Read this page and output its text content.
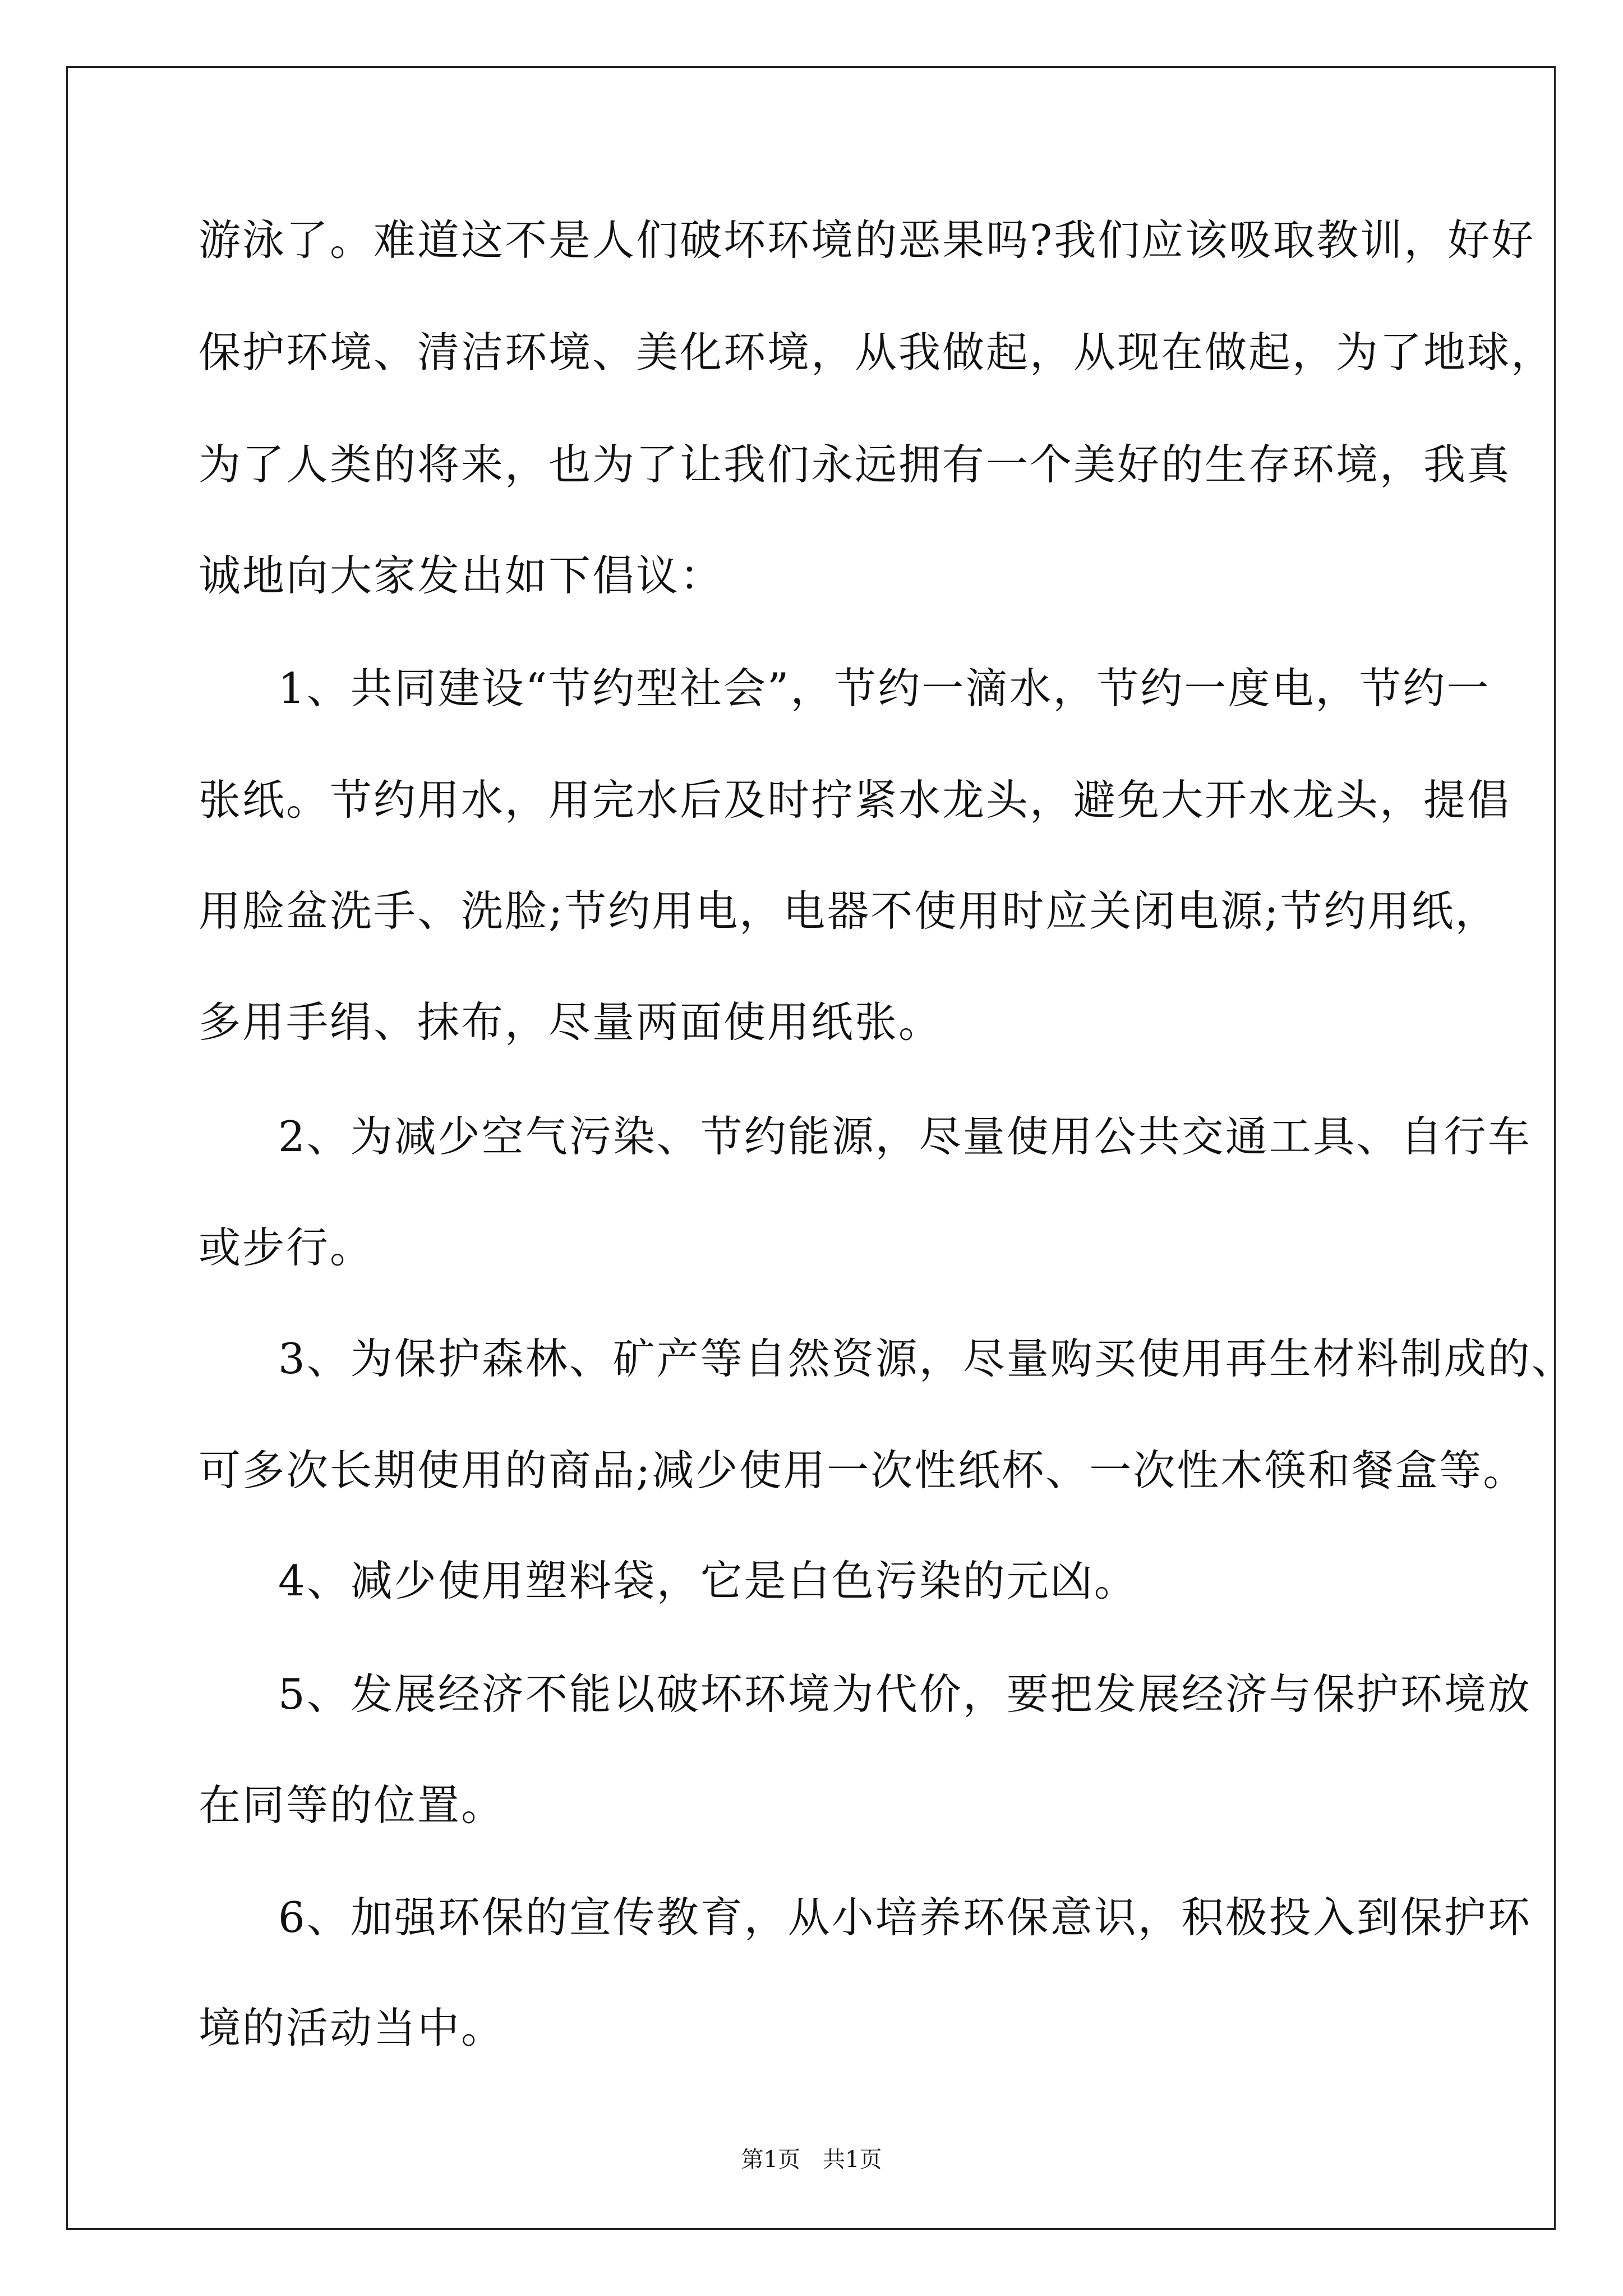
游泳了。难道这不是人们破坏环境的恶果吗?我们应该吸取教训，好好
保护环境、清洁环境、美化环境，从我做起，从现在做起，为了地球，
为了人类的将来，也为了让我们永远拥有一个美好的生存环境，我真
诚地向大家发出如下倡议：
1、共同建设“节约型社会”，节约一滴水，节约一度电，节约一
张纸。节约用水，用完水后及时拧紧水龙头，避免大开水龙头，提倡
用脸盆洗手、洗脸;节约用电，电器不使用时应关闭电源;节约用纸，
多用手绢、抹布，尽量两面使用纸张。
2、为减少空气污染、节约能源，尽量使用公共交通工具、自行车
或步行。
3、为保护森林、矿产等自然资源，尽量购买使用再生材料制成的、
可多次长期使用的商品;减少使用一次性纸杯、一次性木筷和餐盒等。
4、减少使用塑料袋，它是白色污染的元凶。
5、发展经济不能以破坏环境为代价，要把发展经济与保护环境放
在同等的位置。
6、加强环保的宣传教育，从小培养环保意识，积极投入到保护环
境的活动当中。
第1页　共1页
